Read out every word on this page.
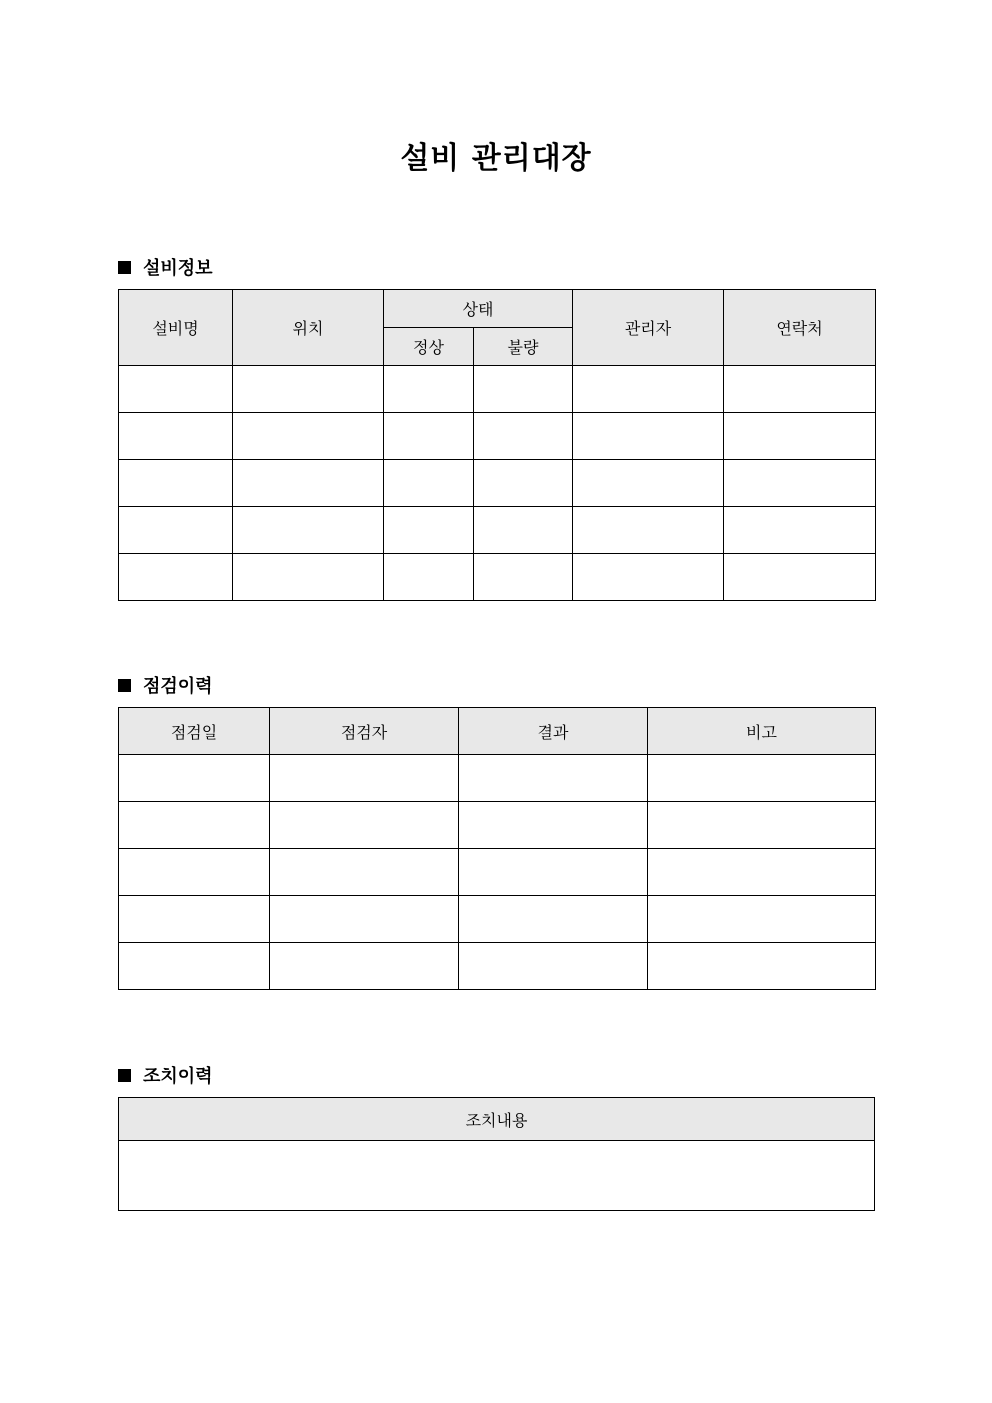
설비 관리대장
설비정보
설비명	위치	상태		관리자	연락처
		정상	불량		

점검이력
점검일	점검자	결과	비고

조치이력
조치내용
